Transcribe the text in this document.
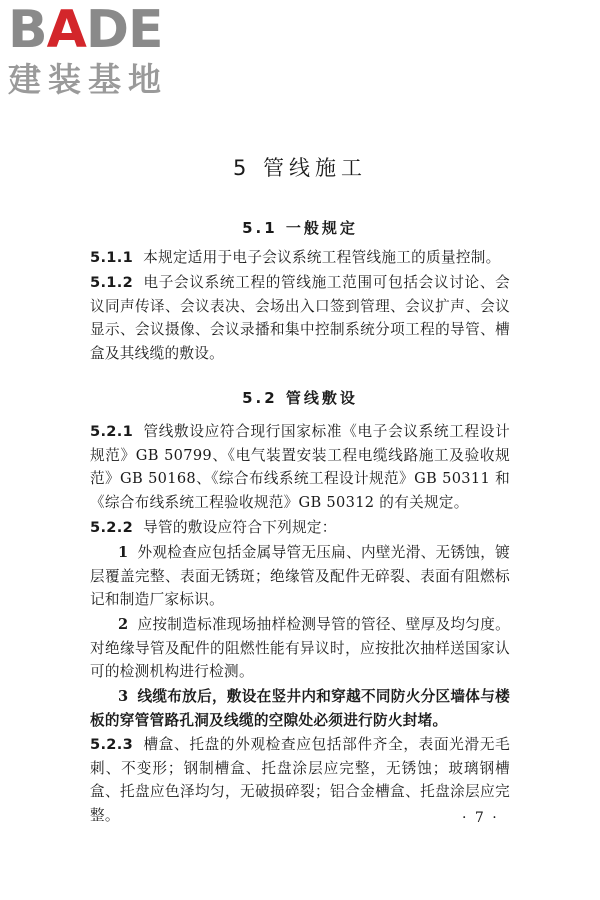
B A DE
建装基地
5 管线施工
5.1 一般规定
5.1.1 本规定适用于电子会议系统工程管线施工的质量控制。
5.1.2 电子会议系统工程的管线施工范围可包括会议讨论、会议同声传译、会议表决、会场出入口签到管理、会议扩声、会议显示、会议摄像、会议录播和集中控制系统分项工程的导管、槽盒及其线缆的敷设。
5.2 管线敷设
5.2.1 管线敷设应符合现行国家标准《电子会议系统工程设计规范》GB 50799、《电气装置安装工程电缆线路施工及验收规范》GB 50168、《综合布线系统工程设计规范》GB 50311 和《综合布线系统工程验收规范》GB 50312 的有关规定。
5.2.2 导管的敷设应符合下列规定：
1 外观检查应包括金属导管无压扁、内壁光滑、无锈蚀，镀层覆盖完整、表面无锈斑；绝缘管及配件无碎裂、表面有阻燃标记和制造厂家标识。
2 应按制造标准现场抽样检测导管的管径、壁厚及均匀度。对绝缘导管及配件的阻燃性能有异议时，应按批次抽样送国家认可的检测机构进行检测。
3 线缆布放后，敷设在竖井内和穿越不同防火分区墙体与楼板的穿管管路孔洞及线缆的空隙处必须进行防火封堵。
5.2.3 槽盒、托盘的外观检查应包括部件齐全，表面光滑无毛刺、不变形；钢制槽盒、托盘涂层应完整，无锈蚀；玻璃钢槽盒、托盘应色泽均匀，无破损碎裂；铝合金槽盒、托盘涂层应完整。	· 7 ·
